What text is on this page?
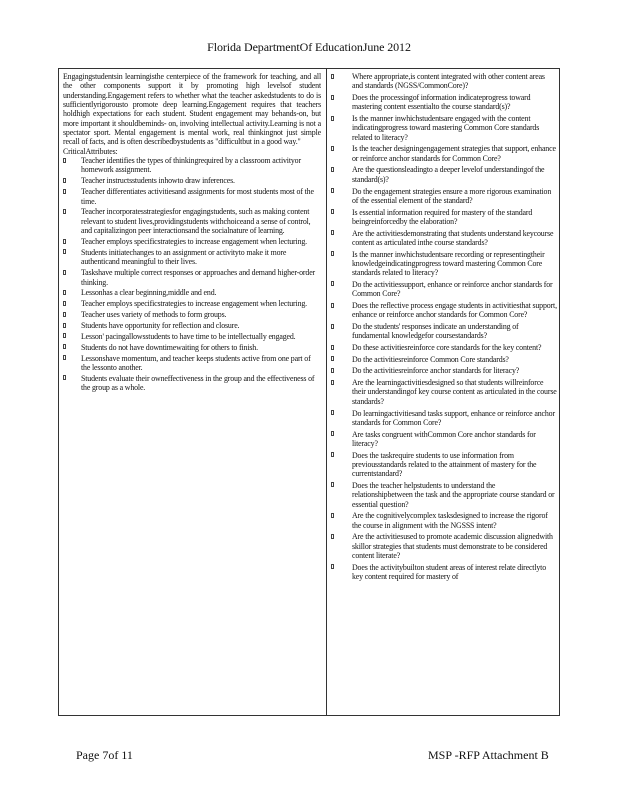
Florida DepartmentOf EducationJune 2012

Engagingstudentsin learningisthe centerpiece of the framework for teaching, and all the other components support it by promoting high levelsof student understanding.Engagement refers to whether what the teacher askedstudents to do is sufficientlyrigorousto promote deep learning.Engagement requires that teachers holdhigh expectations for each student. Student engagement may behands-on, but more important it shouldbeminds- on, involving intellectual activity.Learning is not a spectator sport. Mental engagement is mental work, real thinkingnot just simple recall of facts, and is often describedbystudents as "difficultbut in a good way."

CriticalAttributes:

Teacher identifies the types of thinkingrequired by a classroom activityor homework assignment.
Teacher instructsstudents inhowto draw inferences.
Teacher differentiates activitiesand assignments for most students most of the time.
Teacher incorporatesstrategiesfor engagingstudents, such as making content relevant to student lives,providingstudents withchoiceand a sense of control, and capitalizingon peer interactionsand the socialnature of learning.
Teacher employs specificstrategies to increase engagement when lecturing.
Students initiatechanges to an assignment or activityto make it more authenticand meaningful to their lives.
Taskshave multiple correct responses or approaches and demand higher-order thinking.
Lessonhas a clear beginning,middle and end.
Teacher employs specificstrategies to increase engagement when lecturing.
Teacher uses variety of methods to form groups.
Students have opportunity for reflection and closure.
Lesson' pacingallowsstudents to have time to be intellectually engaged.
Students do not have downtimewaiting for others to finish.
Lessonshave momentum, and teacher keeps students active from one part of the lessonto another.
Students evaluate their owneffectiveness in the group and the effectiveness of the group as a whole.
Where appropriate,is content integrated with other content areas and standards (NGSS/CommonCore)?
Does the processingof information indicateprogress toward mastering content essentialto the course standard(s)?
Is the manner inwhichstudentsare engaged with the content indicatingprogress toward mastering Common Core standards related to literacy?
Is the teacher designingengagement strategies that support, enhance or reinforce anchor standards for Common Core?
Are the questionsleadingto a deeper levelof understandingof the standard(s)?
Do the engagement strategies ensure a more rigorous examination of the essential element of the standard?
Is essential information required for mastery of the standard beingreinforcedby the elaboration?
Are the activitiesdemonstrating that students understand keycourse content as articulated inthe course standards?
Is the manner inwhichstudentsare recording or representingtheir knowledgeindicatingprogress toward mastering Common Core standards related to literacy?
Do the activitiessupport, enhance or reinforce anchor standards for Common Core?
Does the reflective process engage students in activitiesthat support, enhance or reinforce anchor standards for Common Core?
Do the students' responses indicate an understanding of fundamental knowledgefor coursestandards?
Do these activitiesreinforce core standards for the key content?
Do the activitiesreinforce Common Core standards?
Do the activitiesreinforce anchor standards for literacy?
Are the learningactivitiesdesigned so that students willreinforce their understandingof key course content as articulated in the course standards?
Do learningactivitiesand tasks support, enhance or reinforce anchor standards for Common Core?
Are tasks congruent withCommon Core anchor standards for literacy?
Does the taskrequire students to use information from previousstandards related to the attainment of mastery for the currentstandard?
Does the teacher helpstudents to understand the relationshipbetween the task and the appropriate course standard or essential question?
Are the cognitivelycomplex tasksdesigned to increase the rigorof the course in alignment with the NGSSS intent?
Are the activitiesused to promote academic discussion alignedwith skillor strategies that students must demonstrate to be considered content literate?
Does the activitybuilton student areas of interest relate directlyto key content required for mastery of
Page 7of 11	MSP -RFP Attachment B
